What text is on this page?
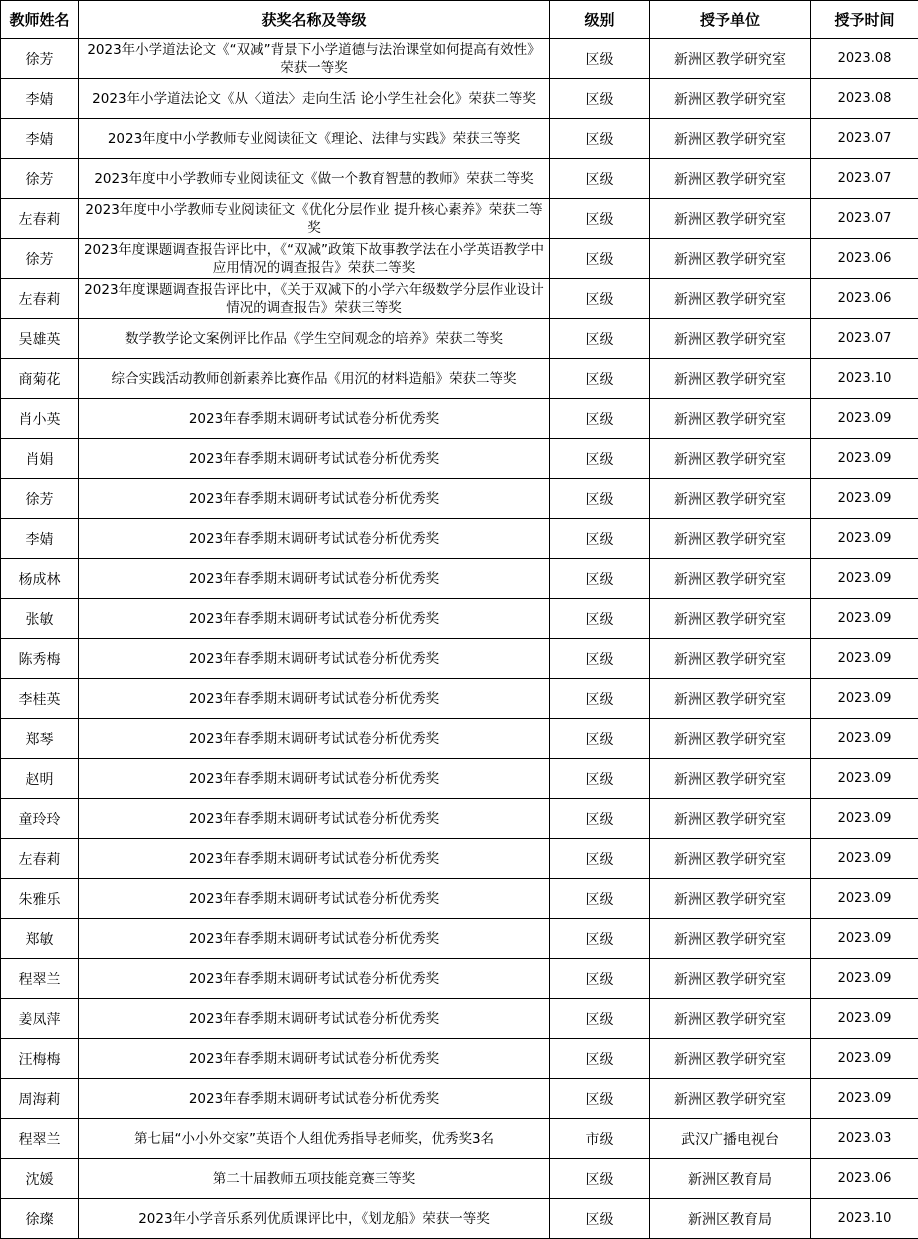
教师姓名	获奖名称及等级	级别	授予单位	授予时间
徐芳	2023年小学道法论文《“双减”背景下小学道德与法治课堂如何提高有效性》荣获一等奖	区级	新洲区教学研究室	2023.08
李婧	2023年小学道法论文《从〈道法〉走向生活 论小学生社会化》荣获二等奖	区级	新洲区教学研究室	2023.08
李婧	2023年度中小学教师专业阅读征文《理论、法律与实践》荣获三等奖	区级	新洲区教学研究室	2023.07
徐芳	2023年度中小学教师专业阅读征文《做一个教育智慧的教师》荣获二等奖	区级	新洲区教学研究室	2023.07
左春莉	2023年度中小学教师专业阅读征文《优化分层作业 提升核心素养》荣获二等奖	区级	新洲区教学研究室	2023.07
徐芳	2023年度课题调查报告评比中，《“双减”政策下故事教学法在小学英语教学中应用情况的调查报告》荣获二等奖	区级	新洲区教学研究室	2023.06
左春莉	2023年度课题调查报告评比中，《关于双减下的小学六年级数学分层作业设计情况的调查报告》荣获三等奖	区级	新洲区教学研究室	2023.06
吴雄英	数学教学论文案例评比作品《学生空间观念的培养》荣获二等奖	区级	新洲区教学研究室	2023.07
商菊花	综合实践活动教师创新素养比赛作品《用沉的材料造船》荣获二等奖	区级	新洲区教学研究室	2023.10
肖小英	2023年春季期末调研考试试卷分析优秀奖	区级	新洲区教学研究室	2023.09
肖娟	2023年春季期末调研考试试卷分析优秀奖	区级	新洲区教学研究室	2023.09
徐芳	2023年春季期末调研考试试卷分析优秀奖	区级	新洲区教学研究室	2023.09
李婧	2023年春季期末调研考试试卷分析优秀奖	区级	新洲区教学研究室	2023.09
杨成林	2023年春季期末调研考试试卷分析优秀奖	区级	新洲区教学研究室	2023.09
张敏	2023年春季期末调研考试试卷分析优秀奖	区级	新洲区教学研究室	2023.09
陈秀梅	2023年春季期末调研考试试卷分析优秀奖	区级	新洲区教学研究室	2023.09
李桂英	2023年春季期末调研考试试卷分析优秀奖	区级	新洲区教学研究室	2023.09
郑琴	2023年春季期末调研考试试卷分析优秀奖	区级	新洲区教学研究室	2023.09
赵明	2023年春季期末调研考试试卷分析优秀奖	区级	新洲区教学研究室	2023.09
童玲玲	2023年春季期末调研考试试卷分析优秀奖	区级	新洲区教学研究室	2023.09
左春莉	2023年春季期末调研考试试卷分析优秀奖	区级	新洲区教学研究室	2023.09
朱雅乐	2023年春季期末调研考试试卷分析优秀奖	区级	新洲区教学研究室	2023.09
郑敏	2023年春季期末调研考试试卷分析优秀奖	区级	新洲区教学研究室	2023.09
程翠兰	2023年春季期末调研考试试卷分析优秀奖	区级	新洲区教学研究室	2023.09
姜凤萍	2023年春季期末调研考试试卷分析优秀奖	区级	新洲区教学研究室	2023.09
汪梅梅	2023年春季期末调研考试试卷分析优秀奖	区级	新洲区教学研究室	2023.09
周海莉	2023年春季期末调研考试试卷分析优秀奖	区级	新洲区教学研究室	2023.09
程翠兰	第七届“小小外交家”英语个人组优秀指导老师奖，优秀奖3名	市级	武汉广播电视台	2023.03
沈媛	第二十届教师五项技能竞赛三等奖	区级	新洲区教育局	2023.06
徐璨	2023年小学音乐系列优质课评比中，《划龙船》荣获一等奖	区级	新洲区教育局	2023.10
